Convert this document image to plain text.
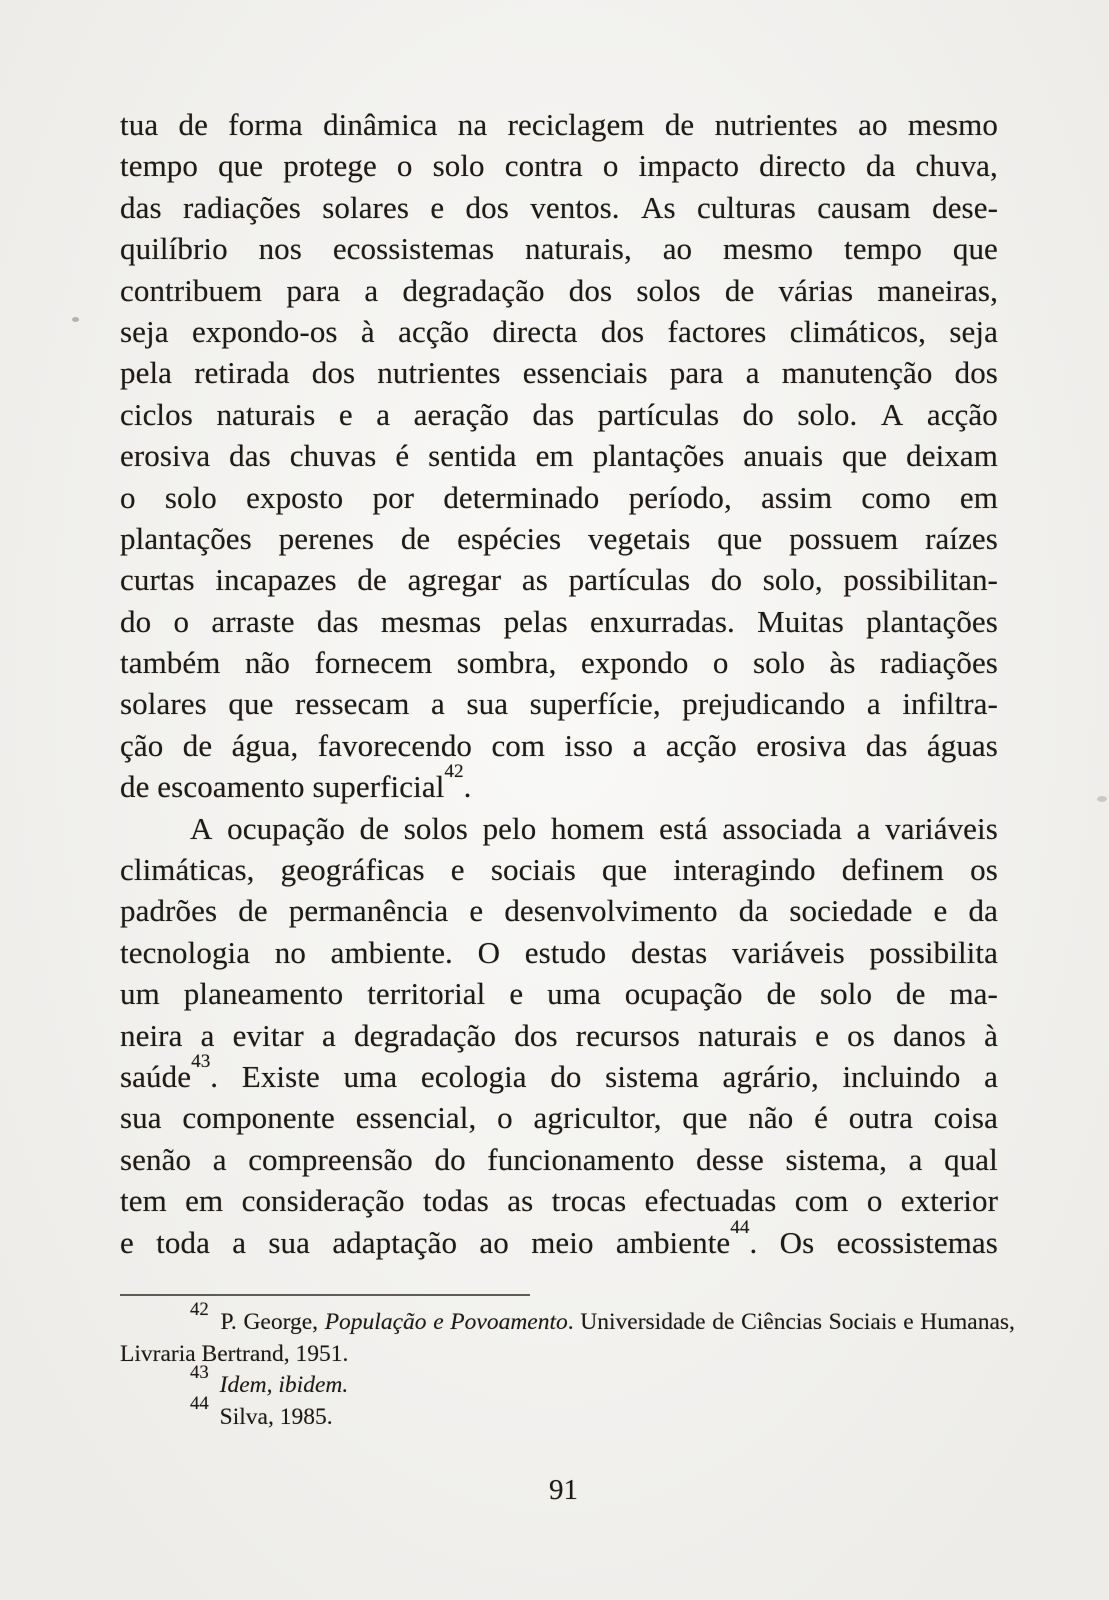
tua de forma dinâmica na reciclagem de nutrientes ao mesmo
tempo que protege o solo contra o impacto directo da chuva,
das radiações solares e dos ventos. As culturas causam dese-
quilíbrio nos ecossistemas naturais, ao mesmo tempo que
contribuem para a degradação dos solos de várias maneiras,
seja expondo-os à acção directa dos factores climáticos, seja
pela retirada dos nutrientes essenciais para a manutenção dos
ciclos naturais e a aeração das partículas do solo. A acção
erosiva das chuvas é sentida em plantações anuais que deixam
o solo exposto por determinado período, assim como em
plantações perenes de espécies vegetais que possuem raízes
curtas incapazes de agregar as partículas do solo, possibilitan-
do o arraste das mesmas pelas enxurradas. Muitas plantações
também não fornecem sombra, expondo o solo às radiações
solares que ressecam a sua superfície, prejudicando a infiltra-
ção de água, favorecendo com isso a acção erosiva das águas
de escoamento superficial$^{42}$.
A ocupação de solos pelo homem está associada a variáveis
climáticas, geográficas e sociais que interagindo definem os
padrões de permanência e desenvolvimento da sociedade e da
tecnologia no ambiente. O estudo destas variáveis possibilita
um planeamento territorial e uma ocupação de solo de ma-
neira a evitar a degradação dos recursos naturais e os danos à
saúde$^{43}$. Existe uma ecologia do sistema agrário, incluindo a
sua componente essencial, o agricultor, que não é outra coisa
senão a compreensão do funcionamento desse sistema, a qual
tem em consideração todas as trocas efectuadas com o exterior
e toda a sua adaptação ao meio ambiente$^{44}$. Os ecossistemas
$^{42}$ P. George, População e Povoamento. Universidade de Ciências Sociais e Humanas,
Livraria Bertrand, 1951.
$^{43}$ Idem, ibidem.
$^{44}$ Silva, 1985.
91
